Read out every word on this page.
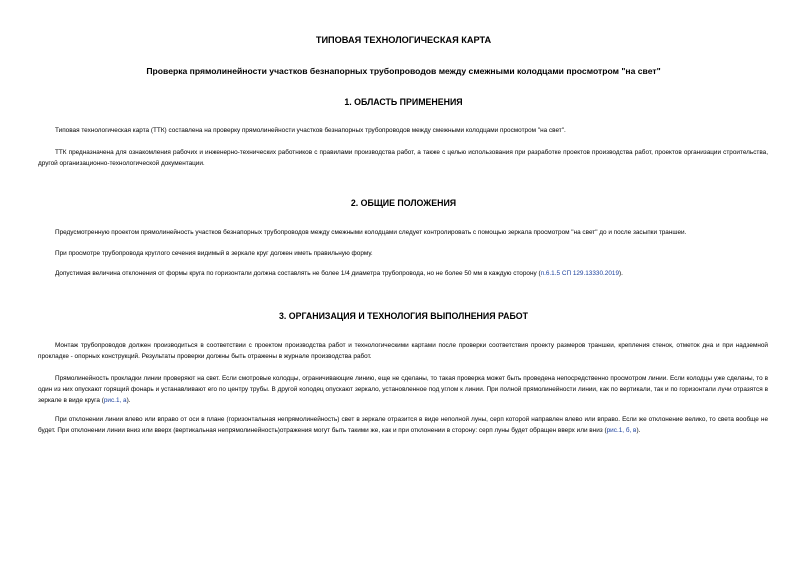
ТИПОВАЯ ТЕХНОЛОГИЧЕСКАЯ КАРТА
Проверка прямолинейности участков безнапорных трубопроводов между смежными колодцами просмотром "на свет"
1. ОБЛАСТЬ ПРИМЕНЕНИЯ

Типовая технологическая карта (ТТК) составлена на проверку прямолинейности участков безнапорных трубопроводов между смежными колодцами просмотром "на свет".

ТТК предназначена для ознакомления рабочих и инженерно-технических работников с правилами производства работ, а также с целью использования при разработке проектов производства работ, проектов организации строительства, другой организационно-технологической документации.

2. ОБЩИЕ ПОЛОЖЕНИЯ

Предусмотренную проектом прямолинейность участков безнапорных трубопроводов между смежными колодцами следует контролировать с помощью зеркала просмотром "на свет" до и после засыпки траншеи.

При просмотре трубопровода круглого сечения видимый в зеркале круг должен иметь правильную форму.

Допустимая величина отклонения от формы круга по горизонтали должна составлять не более 1/4 диаметра трубопровода, но не более 50 мм в каждую сторону (п.6.1.5 СП 129.13330.2019).

3. ОРГАНИЗАЦИЯ И ТЕХНОЛОГИЯ ВЫПОЛНЕНИЯ РАБОТ

Монтаж трубопроводов должен производиться в соответствии с проектом производства работ и технологическими картами после проверки соответствия проекту размеров траншеи, крепления стенок, отметок дна и при надземной прокладке - опорных конструкций. Результаты проверки должны быть отражены в журнале производства работ.

Прямолинейность прокладки линии проверяют на свет. Если смотровые колодцы, ограничивающие линию, еще не сделаны, то такая проверка может быть проведена непосредственно просмотром линии. Если колодцы уже сделаны, то в один из них опускают горящий фонарь и устанавливают его по центру трубы. В другой колодец опускают зеркало, установленное под углом к линии. При полной прямолинейности линии, как по вертикали, так и по горизонтали лучи отразятся в зеркале в виде круга (рис.1, а).

При отклонении линии влево или вправо от оси в плане (горизонтальная непрямолинейность) свет в зеркале отразится в виде неполной луны, серп которой направлен влево или вправо. Если же отклонение велико, то света вообще не будет. При отклонении линии вниз или вверх (вертикальная непрямолинейность)отражения могут быть такими же, как и при отклонении в сторону: серп луны будет обращен вверх или вниз (рис.1, б, в).
